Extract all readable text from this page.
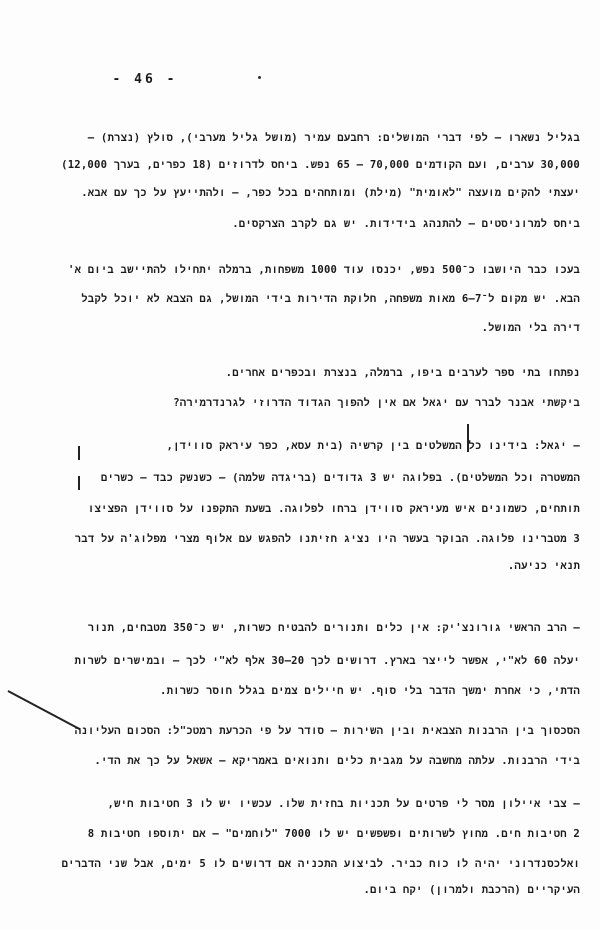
- 46 -
בגליל נשארו – לפי דברי המושלים: רחבעם עמיר (מושל גליל מערבי), סולץ (נצרת) –
30,000 ערבים, ועם הקודמים 70,000 – 65 נפש. ביחס לדרוזים (18 כפרים, בערך 12,000)
יעצתי להקים מועצה "לאומית" (מילת) ומותחהים בכל כפר, – ולהתייעץ על כך עם אבא.
ביחס למרוניסטים – להתנהג בידידות. יש גם לקרב הצרקסים.
בעכו כבר היושבו כ־500 נפש, יכנסו עוד 1000 משפחות, ברמלה יתחילו להתיישב ביום א'
הבא. יש מקום ל־7–6 מאות משפחה, חלוקת הדירות בידי המושל, גם הצבא לא יוכל לקבל
דירה בלי המושל.
נפתחו בתי ספר לערבים ביפו, ברמלה, בנצרת ובכפרים אחרים.
ביקשתי אבנר לברר עם יגאל אם אין להפוך הגדוד הדרוזי לגרנדרמירה?
– יגאל: בידינו כל המשלטים בין קרשיה (בית עסא, כפר עיראק סווידן,
המשטרה וכל המשלטים). בפלוגה יש 3 גדודים (בריגדה שלמה) – כשנשק כבד – כשרים
תותחים, כשמונים איש מעיראק סווידן ברחו לפלוגה. בשעת התקפנו על סווידן הפציצו
3 מטברינו פלוגה. הבוקר בעשר היו נציג חזיתנו להפגש עם אלוף מצרי מפלוג'ה על דבר
תנאי כניעה.
– הרב הראשי גורונצ'יק: אין כלים ותנורים להבטיח כשרות, יש כ־350 מטבחים, תנור
יעלה 60 לא"י, אפשר לייצר בארץ. דרושים לכך 20–30 אלף לא"י לכך – ובמישרים לשרות
הדתי, כי אחרת ימשך הדבר בלי סוף. יש חיילים צמים בגלל חוסר כשרות.
הסכסוך בין הרבנות הצבאית ובין השירות – סודר על פי הכרעת רמטכ"ל: הסכום העליונה
בידי הרבנות. עלתה מחשבה על מגבית כלים ותנואים באמריקא – אשאל על כך את הדי.
– צבי איילון מסר לי פרטים על תכניות בחזית שלו. עכשיו יש לו 3 חטיבות חיש,
2 חטיבות חים. מחוץ לשרותים ופשפשים יש לו 7000 "לוחמים" – אם יתוספו חטיבות 8
ואלכסנדרוני יהיה לו כוח כביר. לביצוע התכניה אם דרושים לו 5 ימים, אבל שני הדברים
העיקריים (הרכבת ולמרון) יקח ביום.
